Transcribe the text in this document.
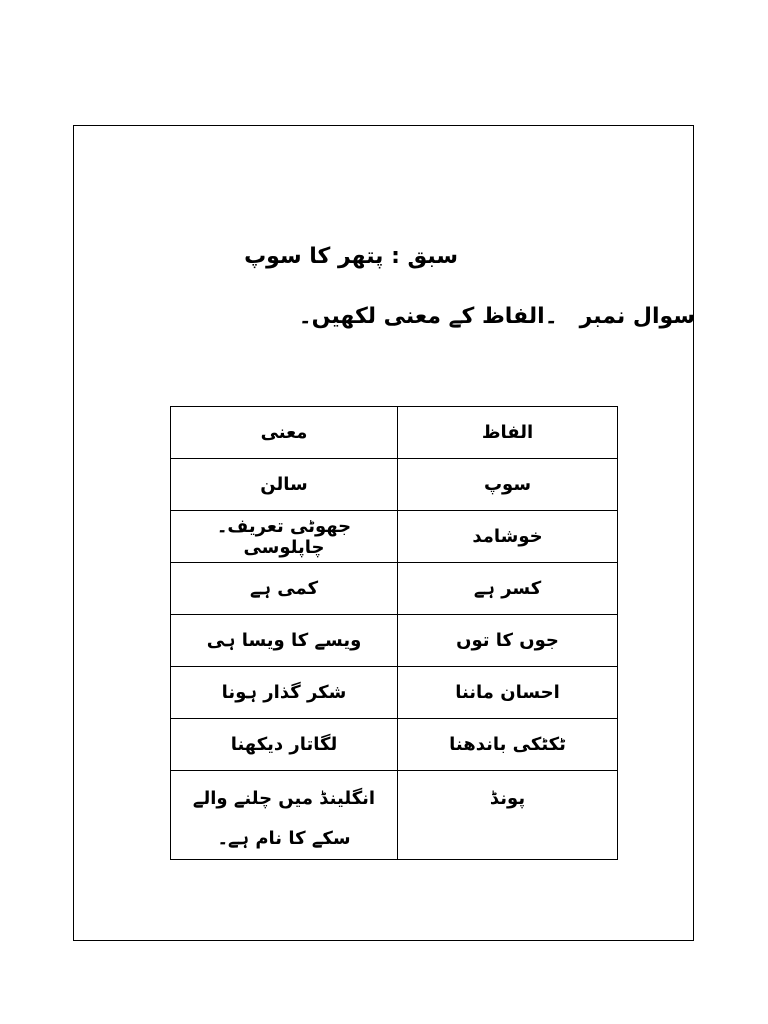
سبق : پتھر کا سوپ
سوال نمبر۔الفاظ کے معنی لکھیں۔
الفاظ	معنی
سوپ	سالن
خوشامد	جھوٹی تعریف۔ چاپلوسی
کسر ہے	کمی ہے
جوں کا توں	ویسے کا ویسا ہی
احسان ماننا	شکر گذار ہونا
ٹکٹکی باندھنا	لگاتار دیکھنا
پونڈ	انگلینڈ میں چلنے والے سکے کا نام ہے۔
